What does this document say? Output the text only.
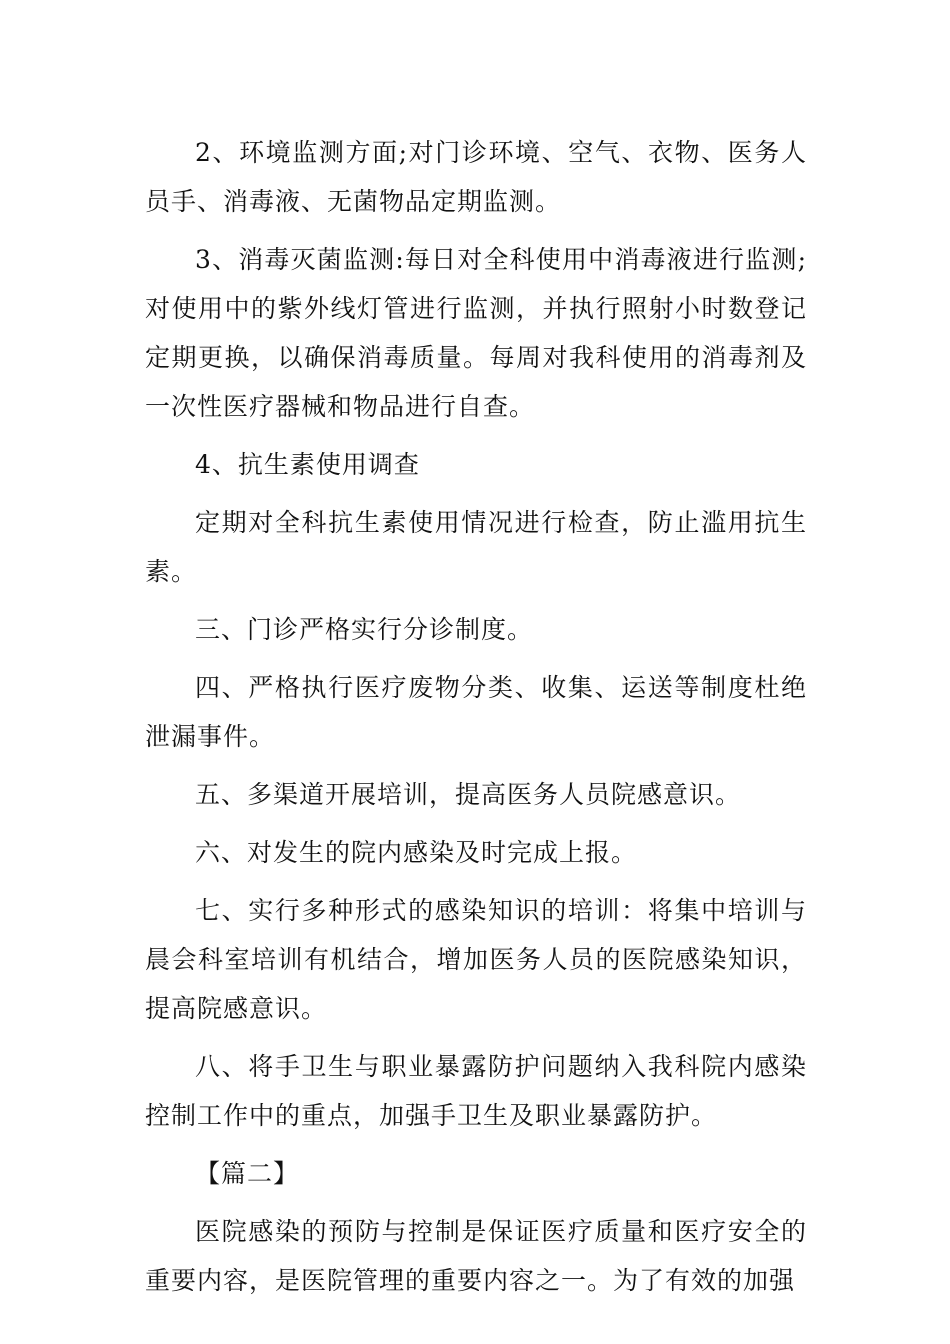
2、环境监测方面;对门诊环境、空气、衣物、医务人员手、消毒液、无菌物品定期监测。

3、消毒灭菌监测:每日对全科使用中消毒液进行监测;对使用中的紫外线灯管进行监测，并执行照射小时数登记定期更换，以确保消毒质量。每周对我科使用的消毒剂及一次性医疗器械和物品进行自查。

4、抗生素使用调查

定期对全科抗生素使用情况进行检查，防止滥用抗生素。

三、门诊严格实行分诊制度。

四、严格执行医疗废物分类、收集、运送等制度杜绝泄漏事件。

五、多渠道开展培训，提高医务人员院感意识。

六、对发生的院内感染及时完成上报。

七、实行多种形式的感染知识的培训：将集中培训与晨会科室培训有机结合，增加医务人员的医院感染知识，提高院感意识。

八、将手卫生与职业暴露防护问题纳入我科院内感染控制工作中的重点，加强手卫生及职业暴露防护。

【篇二】

医院感染的预防与控制是保证医疗质量和医疗安全的重要内容，是医院管理的重要内容之一。为了有效的加强
